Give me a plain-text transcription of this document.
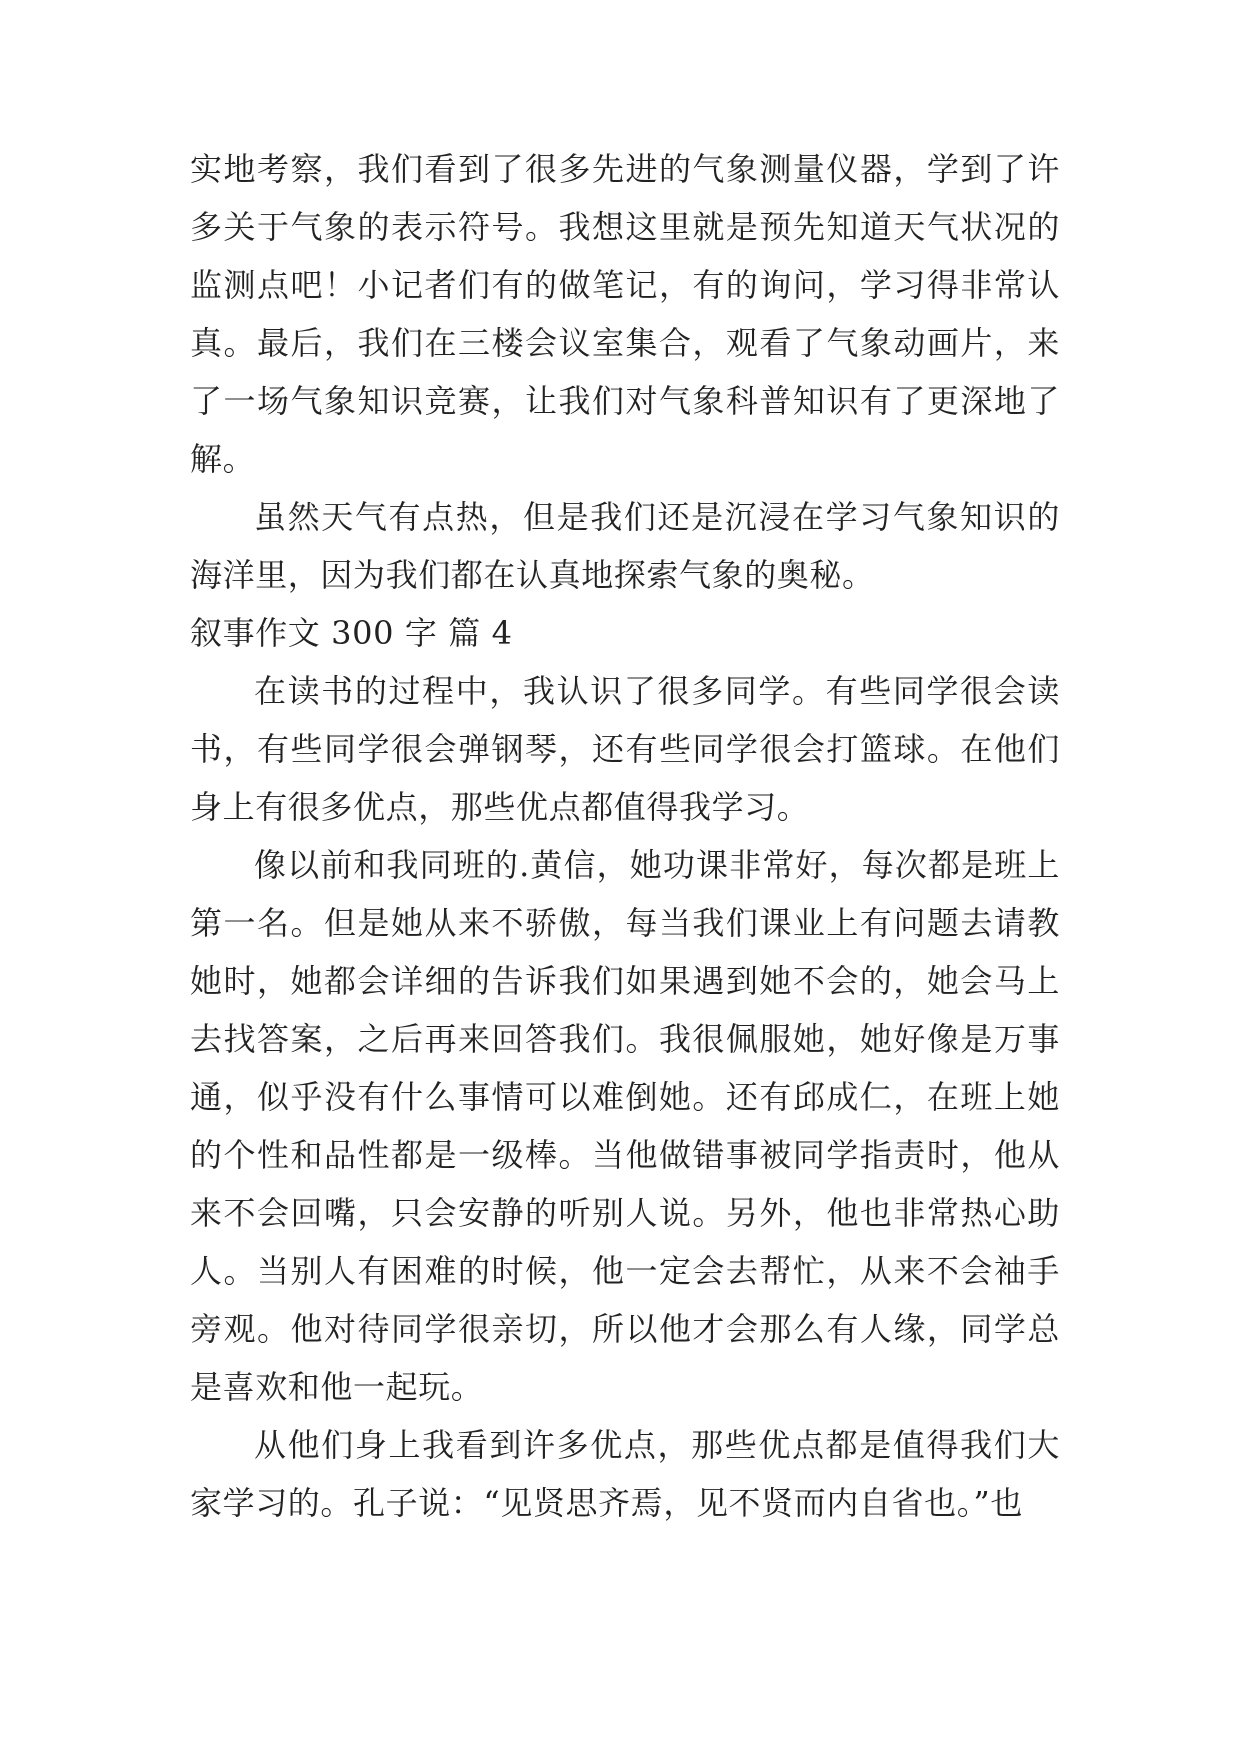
实地考察，我们看到了很多先进的气象测量仪器，学到了许多关于气象的表示符号。我想这里就是预先知道天气状况的监测点吧！小记者们有的做笔记，有的询问，学习得非常认真。最后，我们在三楼会议室集合，观看了气象动画片，来了一场气象知识竞赛，让我们对气象科普知识有了更深地了解。

虽然天气有点热，但是我们还是沉浸在学习气象知识的海洋里，因为我们都在认真地探索气象的奥秘。

叙事作文 300 字 篇 4

在读书的过程中，我认识了很多同学。有些同学很会读书，有些同学很会弹钢琴，还有些同学很会打篮球。在他们身上有很多优点，那些优点都值得我学习。

像以前和我同班的.黄信，她功课非常好，每次都是班上第一名。但是她从来不骄傲，每当我们课业上有问题去请教她时，她都会详细的告诉我们如果遇到她不会的，她会马上去找答案，之后再来回答我们。我很佩服她，她好像是万事通，似乎没有什么事情可以难倒她。还有邱成仁，在班上她的个性和品性都是一级棒。当他做错事被同学指责时，他从来不会回嘴，只会安静的听别人说。另外，他也非常热心助人。当别人有困难的时候，他一定会去帮忙，从来不会袖手旁观。他对待同学很亲切，所以他才会那么有人缘，同学总是喜欢和他一起玩。

从他们身上我看到许多优点，那些优点都是值得我们大家学习的。孔子说：“见贤思齐焉，见不贤而内自省也。”也
